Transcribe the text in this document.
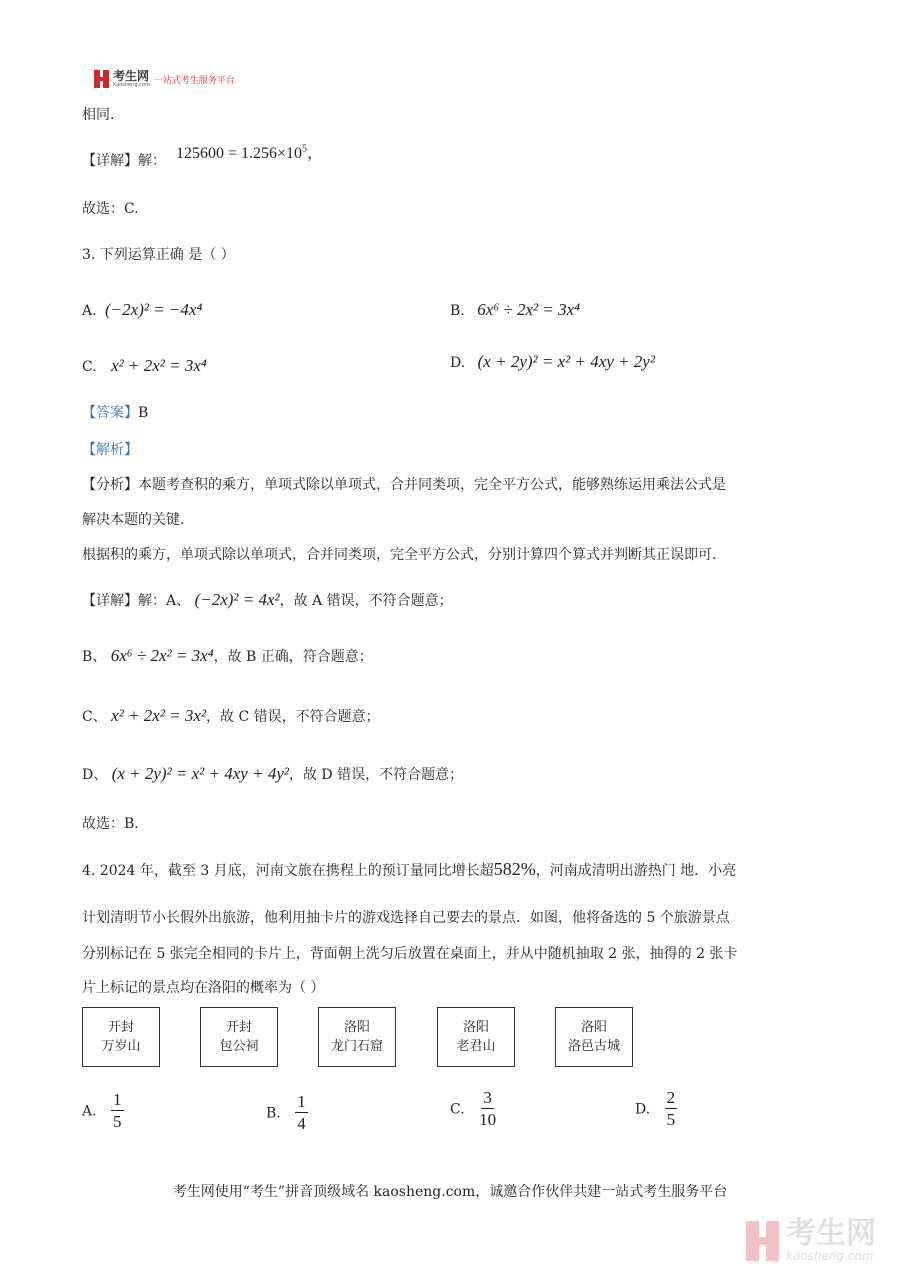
考生网
Kaosheng.com 一站式考生服务平台
相同.
【详解】解： $125600 = 1.256\times 10^5$，
故选：C.
3. 下列运算正确 是（ ）
A. (−2x)² = −4x⁴	B. 6x⁶ ÷ 2x² = 3x⁴
C. x² + 2x² = 3x⁴	D. (x + 2y)² = x² + 4xy + 2y²
【答案】B
【解析】
【分析】本题考查积的乘方，单项式除以单项式，合并同类项，完全平方公式，能够熟练运用乘法公式是
解决本题的关键.
根据积的乘方，单项式除以单项式，合并同类项，完全平方公式，分别计算四个算式并判断其正误即可.
【详解】解：A、 (−2x)² = 4x²，故 A 错误，不符合题意；
B、 6x⁶ ÷ 2x² = 3x⁴，故 B 正确，符合题意；
C、 x² + 2x² = 3x²，故 C 错误，不符合题意；
D、 (x + 2y)² = x² + 4xy + 4y²，故 D 错误，不符合题意；
故选：B.
4. 2024 年，截至 3 月底，河南文旅在携程上的预订量同比增长超582%，河南成清明出游热门 地．小亮
计划清明节小长假外出旅游，他利用抽卡片的游戏选择自己要去的景点．如图，他将备选的 5 个旅游景点
分别标记在 5 张完全相同的卡片上，背面朝上洗匀后放置在桌面上，并从中随机抽取 2 张，抽得的 2 张卡
片上标记的景点均在洛阳的概率为（ ）
开封
万岁山
开封
包公祠
洛阳
龙门石窟
洛阳
老君山
洛阳
洛邑古城
A. $\frac{1}{5}$	B. $\frac{1}{4}$	C. $\frac{3}{10}$	D. $\frac{2}{5}$
考生网使用“考生”拼音顶级域名 kaosheng.com，诚邀合作伙伴共建一站式考生服务平台
考生网
kaosheng.com
